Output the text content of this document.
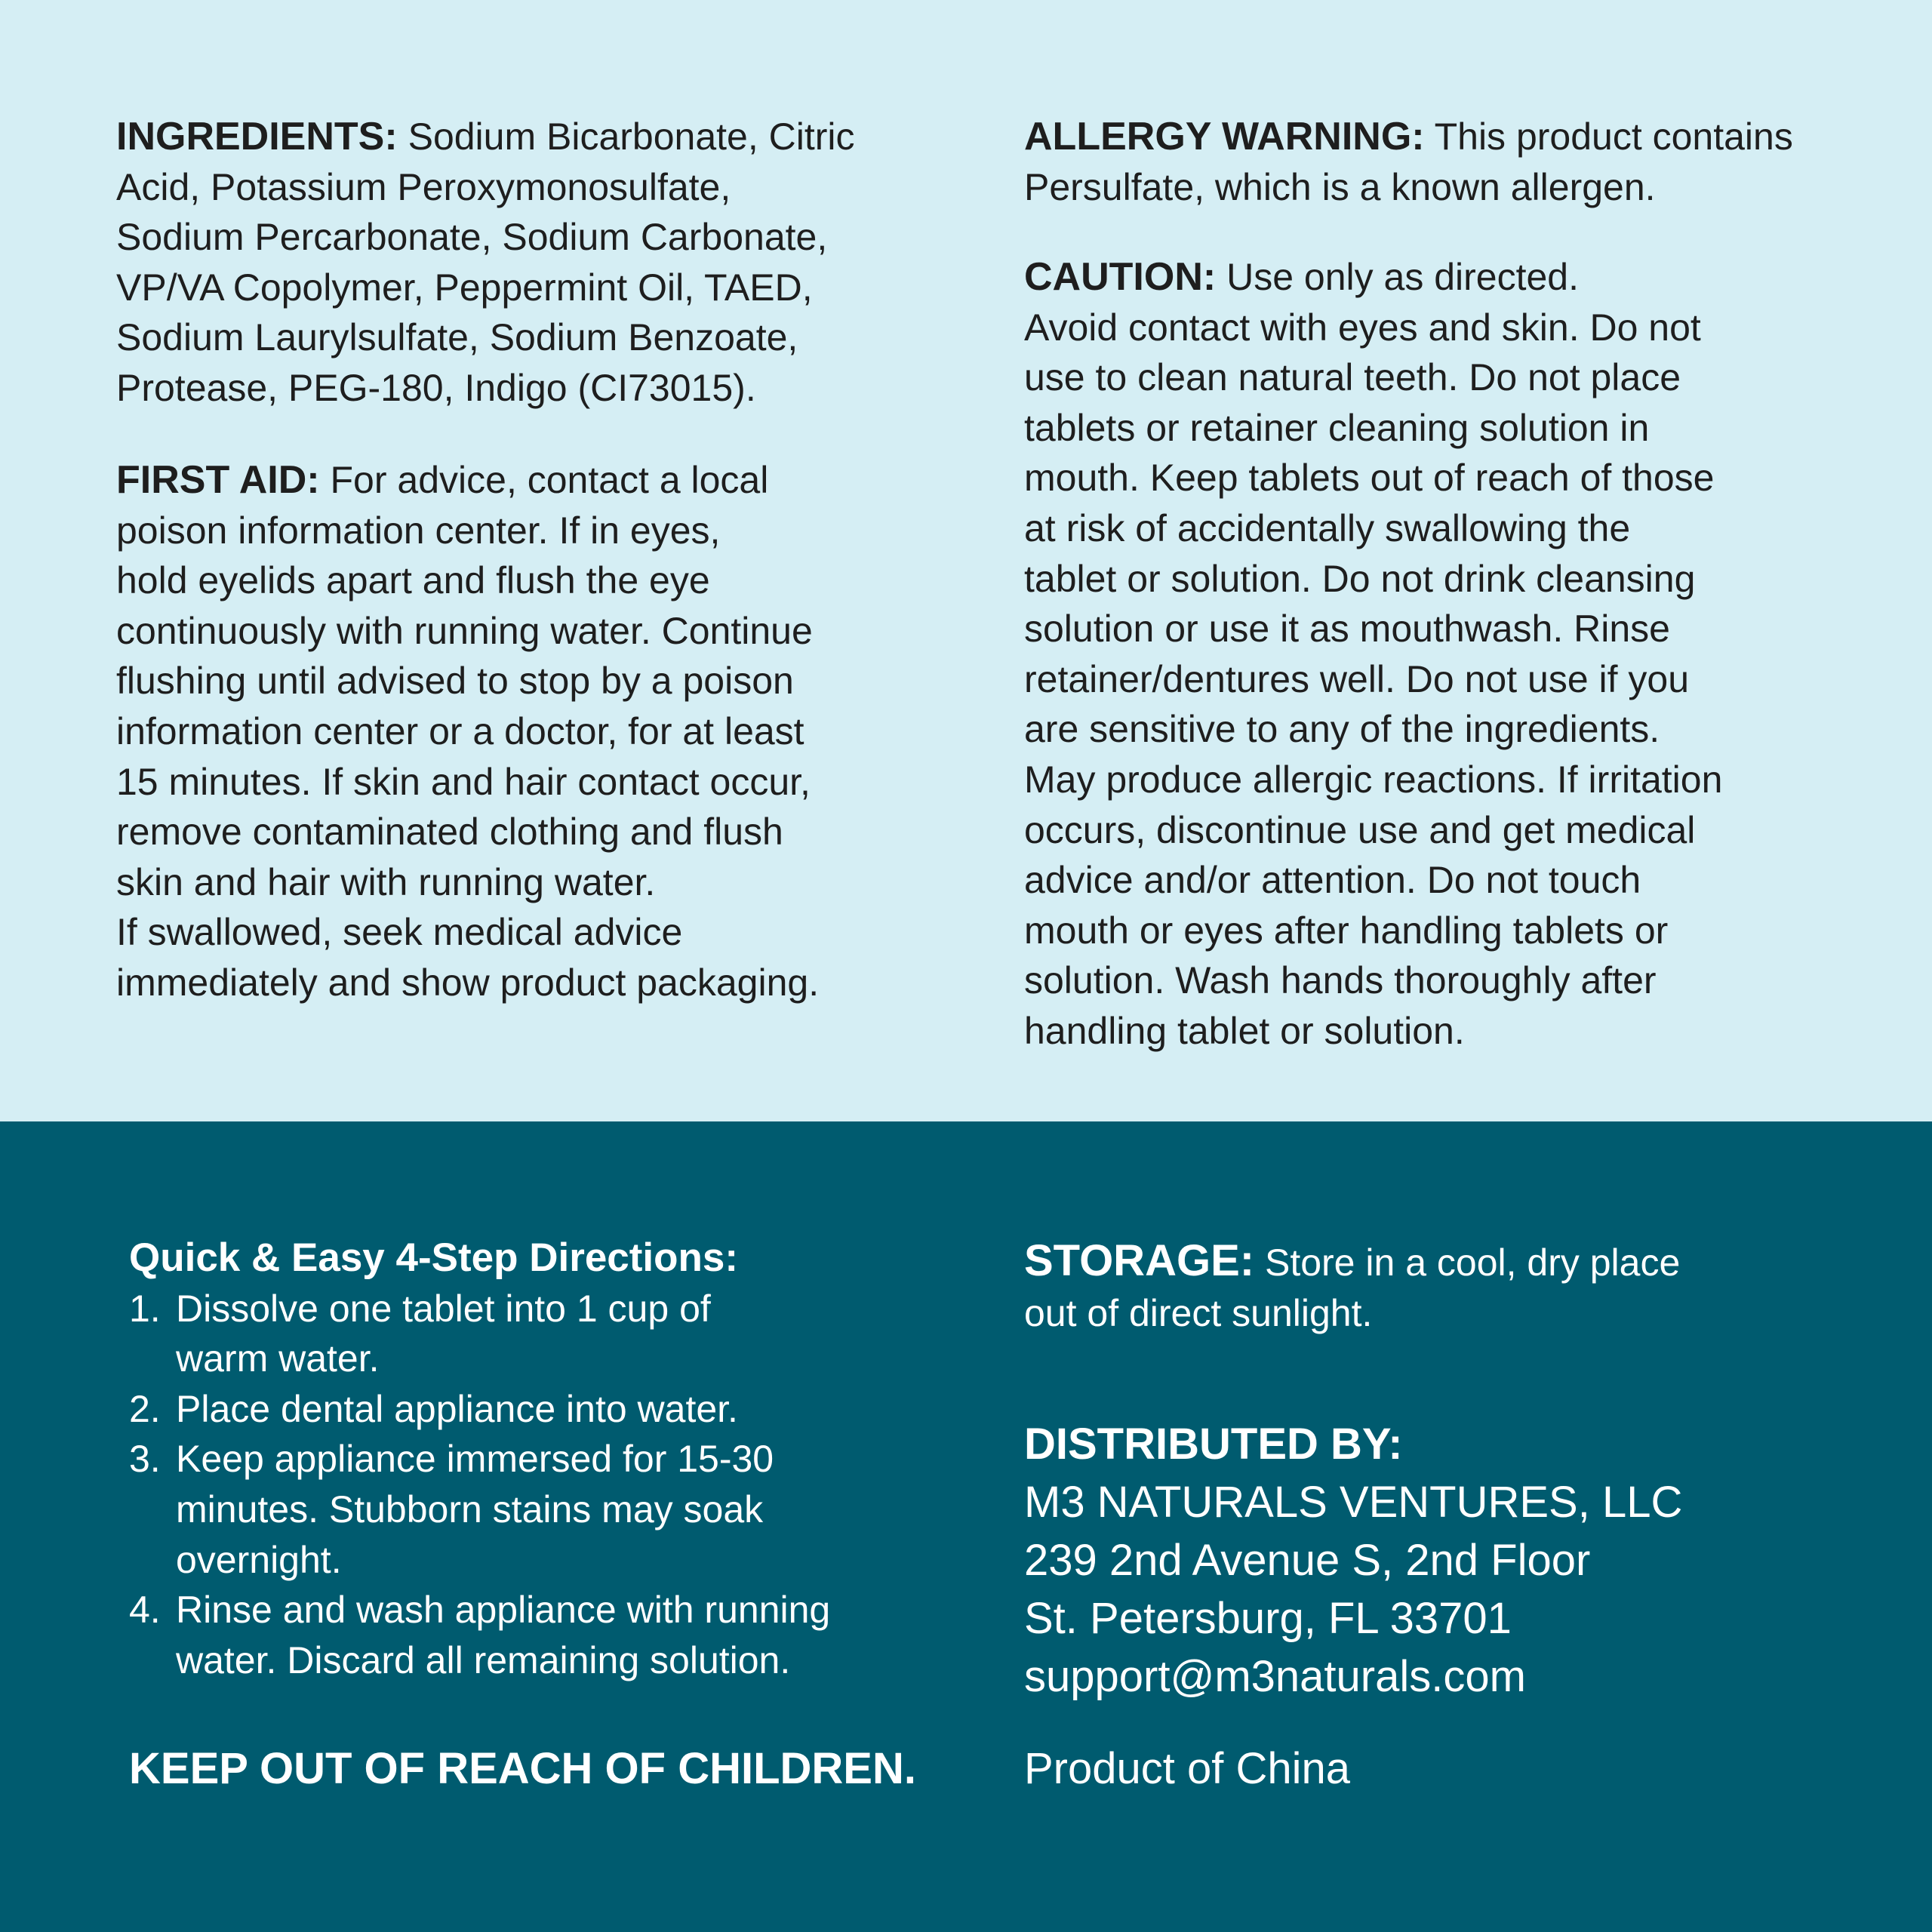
INGREDIENTS: Sodium Bicarbonate, Citric
Acid, Potassium Peroxymonosulfate,
Sodium Percarbonate, Sodium Carbonate,
VP/VA Copolymer, Peppermint Oil, TAED,
Sodium Laurylsulfate, Sodium Benzoate,
Protease, PEG-180, Indigo (CI73015).

FIRST AID: For advice, contact a local
poison information center. If in eyes,
hold eyelids apart and flush the eye
continuously with running water. Continue
flushing until advised to stop by a poison
information center or a doctor, for at least
15 minutes. If skin and hair contact occur,
remove contaminated clothing and flush
skin and hair with running water.
If swallowed, seek medical advice
immediately and show product packaging.

ALLERGY WARNING: This product contains
Persulfate, which is a known allergen.

CAUTION: Use only as directed.
Avoid contact with eyes and skin. Do not
use to clean natural teeth. Do not place
tablets or retainer cleaning solution in
mouth. Keep tablets out of reach of those
at risk of accidentally swallowing the
tablet or solution. Do not drink cleansing
solution or use it as mouthwash. Rinse
retainer/dentures well. Do not use if you
are sensitive to any of the ingredients.
May produce allergic reactions. If irritation
occurs, discontinue use and get medical
advice and/or attention. Do not touch
mouth or eyes after handling tablets or
solution. Wash hands thoroughly after
handling tablet or solution.

Quick & Easy 4-Step Directions:
1. Dissolve one tablet into 1 cup of
warm water.
2. Place dental appliance into water.
3. Keep appliance immersed for 15-30
minutes. Stubborn stains may soak
overnight.
4. Rinse and wash appliance with running
water. Discard all remaining solution.
KEEP OUT OF REACH OF CHILDREN.

STORAGE: Store in a cool, dry place
out of direct sunlight.

DISTRIBUTED BY:
M3 NATURALS VENTURES, LLC
239 2nd Avenue S, 2nd Floor
St. Petersburg, FL 33701
support@m3naturals.com
Product of China
